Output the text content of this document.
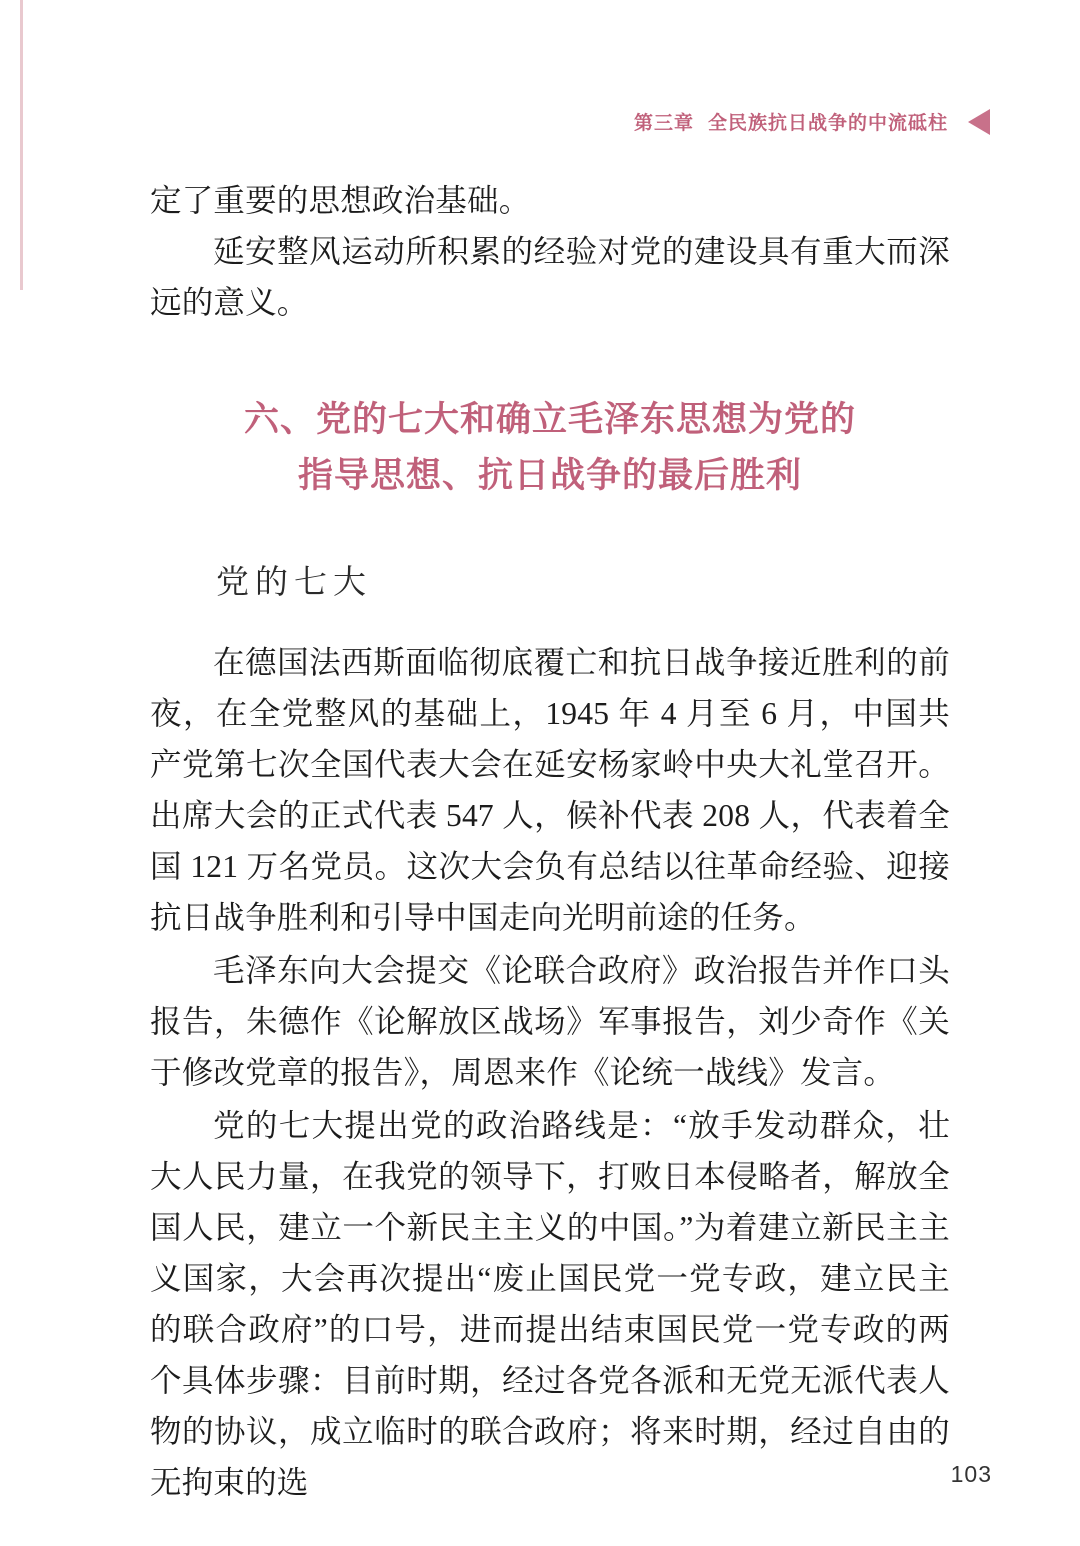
第三章 全民族抗日战争的中流砥柱

定了重要的思想政治基础。

延安整风运动所积累的经验对党的建设具有重大而深远的意义。

六、党的七大和确立毛泽东思想为党的
指导思想、抗日战争的最后胜利
党的七大

在德国法西斯面临彻底覆亡和抗日战争接近胜利的前夜，在全党整风的基础上，1945 年 4 月至 6 月，中国共产党第七次全国代表大会在延安杨家岭中央大礼堂召开。出席大会的正式代表 547 人，候补代表 208 人，代表着全国 121 万名党员。这次大会负有总结以往革命经验、迎接抗日战争胜利和引导中国走向光明前途的任务。

毛泽东向大会提交《论联合政府》政治报告并作口头报告，朱德作《论解放区战场》军事报告，刘少奇作《关于修改党章的报告》，周恩来作《论统一战线》发言。

党的七大提出党的政治路线是：“放手发动群众，壮大人民力量，在我党的领导下，打败日本侵略者，解放全国人民，建立一个新民主主义的中国。”为着建立新民主主义国家，大会再次提出“废止国民党一党专政，建立民主的联合政府”的口号，进而提出结束国民党一党专政的两个具体步骤：目前时期，经过各党各派和无党无派代表人物的协议，成立临时的联合政府；将来时期，经过自由的无拘束的选	103
